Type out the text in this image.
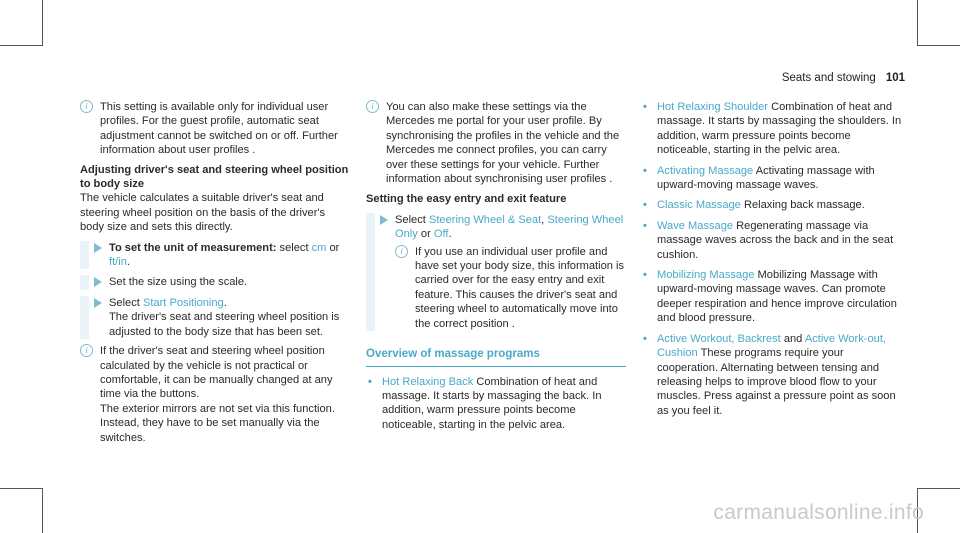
Seats and stowing 101
i	This setting is available only for individual user profiles. For the guest profile, automatic seat adjustment cannot be switched on or off. Further information about user profiles .
Adjusting driver's seat and steering wheel position to body size
The vehicle calculates a suitable driver's seat and steering wheel position on the basis of the driver's body size and sets this directly.
To set the unit of measurement: select cm or ft/in.
Set the size using the scale.
Select Start Positioning.
The driver's seat and steering wheel position is adjusted to the body size that has been set.
i	If the driver's seat and steering wheel position calculated by the vehicle is not practical or comfortable, it can be manually changed at any time via the buttons.
The exterior mirrors are not set via this function. Instead, they have to be set manually via the switches.
i	You can also make these settings via the Mercedes me portal for your user profile. By synchronising the profiles in the vehicle and the Mercedes me connect profiles, you can carry over these settings for your vehicle. Further information about synchronising user profiles .
Setting the easy entry and exit feature
Select Steering Wheel & Seat, Steering Wheel Only or Off.
i	If you use an individual user profile and have set your body size, this information is carried over for the easy entry and exit feature. This causes the driver's seat and steering wheel to automatically move into the correct position .
Overview of massage programs
• Hot Relaxing Back Combination of heat and massage. It starts by massaging the back. In addition, warm pressure points become noticeable, starting in the pelvic area.
• Hot Relaxing Shoulder Combination of heat and massage. It starts by massaging the shoulders. In addition, warm pressure points become noticeable, starting in the pelvic area.
• Activating Massage Activating massage with upward-moving massage waves.
• Classic Massage Relaxing back massage.
• Wave Massage Regenerating massage via massage waves across the back and in the seat cushion.
• Mobilizing Massage Mobilizing Massage with upward-moving massage waves. Can promote deeper respiration and hence improve circulation and blood pressure.
• Active Workout, Backrest and Active Work-out, Cushion These programs require your cooperation. Alternating between tensing and releasing helps to improve blood flow to your muscles. Press against a pressure point as soon as you feel it.
carmanualsonline.info
